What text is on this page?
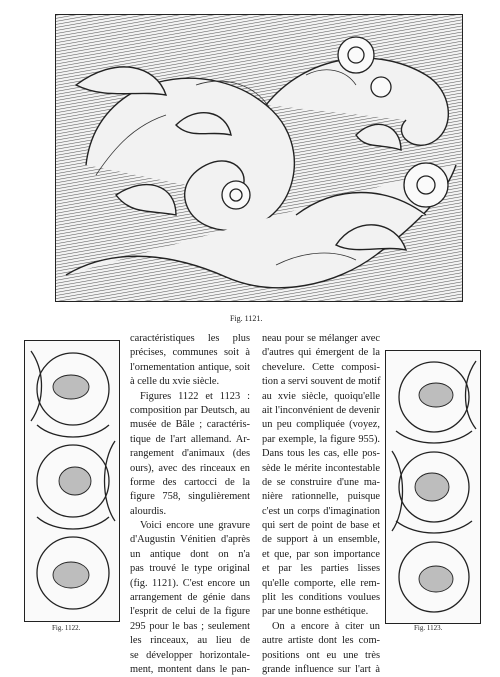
Fig. 1121.
Fig. 1122.	Fig. 1123.
caractéristiques les plus
précises, communes soit à
l'ornementation antique, soit
à celle du xvie siècle.
Figures 1122 et 1123 :
composition par Deutsch, au
musée de Bâle ; caractéris-
tique de l'art allemand. Ar-
rangement d'animaux (des
ours), avec des rinceaux en
forme des cartocci de la
figure 758, singulièrement
alourdis.
Voici encore une gravure
d'Augustin Vénitien d'après
un antique dont on n'a
pas trouvé le type original
(fig. 1121). C'est encore un
arrangement de génie dans
l'esprit de celui de la figure
295 pour le bas ; seulement
les rinceaux, au lieu de
se développer horizontale-
ment, montent dans le pan-
neau pour se mélanger avec
d'autres qui émergent de la
chevelure. Cette composi-
tion a servi souvent de motif
au xvie siècle, quoiqu'elle
ait l'inconvénient de devenir
un peu compliquée (voyez,
par exemple, la figure 955).
Dans tous les cas, elle pos-
sède le mérite incontestable
de se construire d'une ma-
nière rationnelle, puisque
c'est un corps d'imagination
qui sert de point de base et
de support à un ensemble,
et que, par son importance
et par les parties lisses
qu'elle comporte, elle rem-
plit les conditions voulues
par une bonne esthétique.
On a encore à citer un
autre artiste dont les com-
positions ont eu une très
grande influence sur l'art à
